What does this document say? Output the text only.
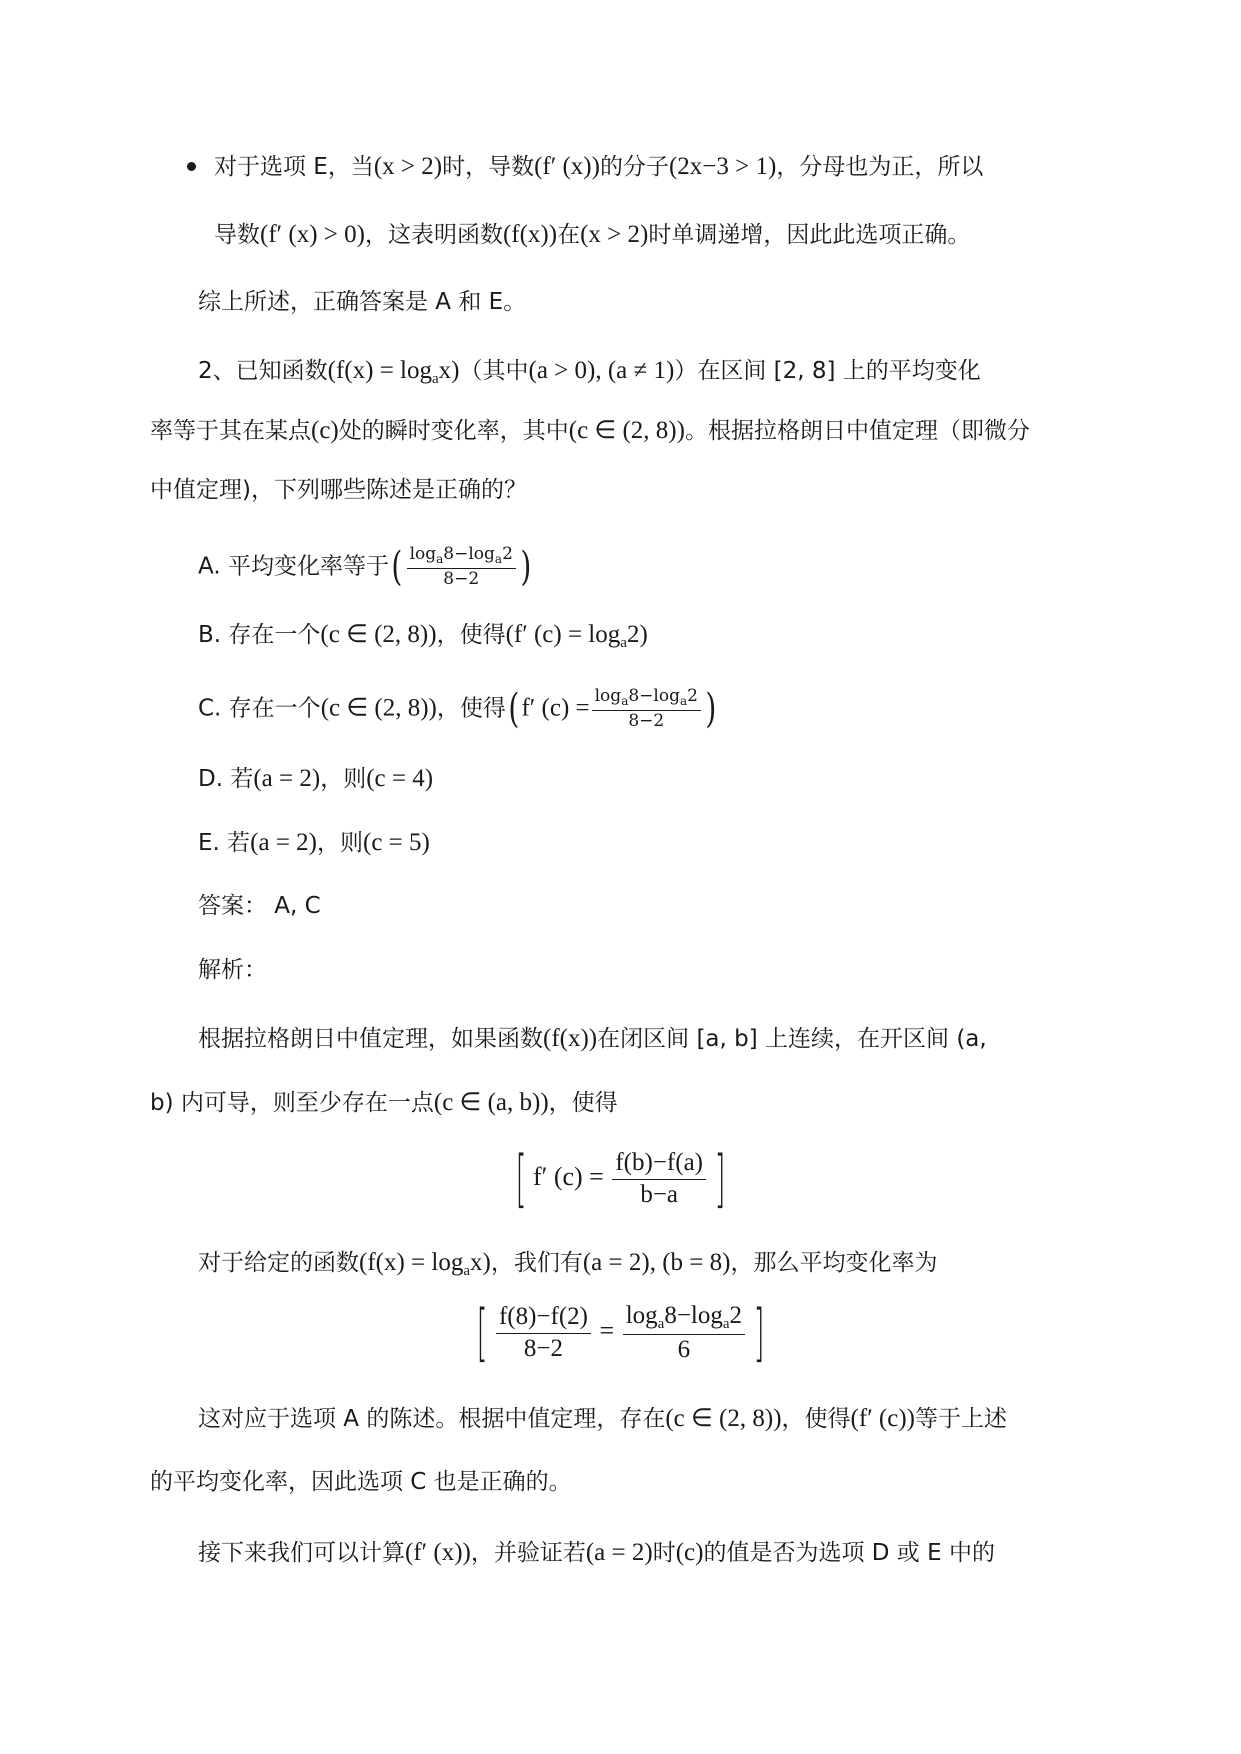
对于选项 E，当(x > 2)时，导数(f′ (x))的分子(2x−3 > 1)，分母也为正，所以
导数(f′ (x) > 0)，这表明函数(f(x))在(x > 2)时单调递增，因此此选项正确。
综上所述，正确答案是 A 和 E。
2、已知函数$(f(x) = \log_ax)$（其中(a > 0), (a ≠ 1)）在区间 [2, 8] 上的平均变化
率等于其在某点(c)处的瞬时变化率，其中(c ∈ (2, 8))。根据拉格朗日中值定理（即微分
中值定理)，下列哪些陈述是正确的？
A. 平均变化率等于( $\frac{\log_a8-\log_a2}{8-2}$ )
B. 存在一个(c ∈ (2, 8))，使得(f′ $(c) = \log_a2$)
C. 存在一个(c ∈ (2, 8))，使得(f′ $(c) = \frac{\log_a8-\log_a2}{8-2}$ )
D. 若(a = 2)，则(c = 4)
E. 若(a = 2)，则(c = 5)
答案： A, C
解析：
根据拉格朗日中值定理，如果函数(f(x))在闭区间 [a, b] 上连续，在开区间 (a,
b) 内可导，则至少存在一点(c ∈ (a, b))，使得
[ f′ $(c) = \frac{f(b)-f(a)}{b-a}$ ]
对于给定的函数$(f(x) = \log_ax)$，我们有(a = 2), (b = 8)，那么平均变化率为
[ $\frac{f(8)-f(2)}{8-2} = \frac{\log_a8-\log_a2}{6}$ ]
这对应于选项 A 的陈述。根据中值定理，存在(c ∈ (2, 8))，使得(f′ (c))等于上述
的平均变化率，因此选项 C 也是正确的。
接下来我们可以计算(f′ (x))，并验证若(a = 2)时(c)的值是否为选项 D 或 E 中的
